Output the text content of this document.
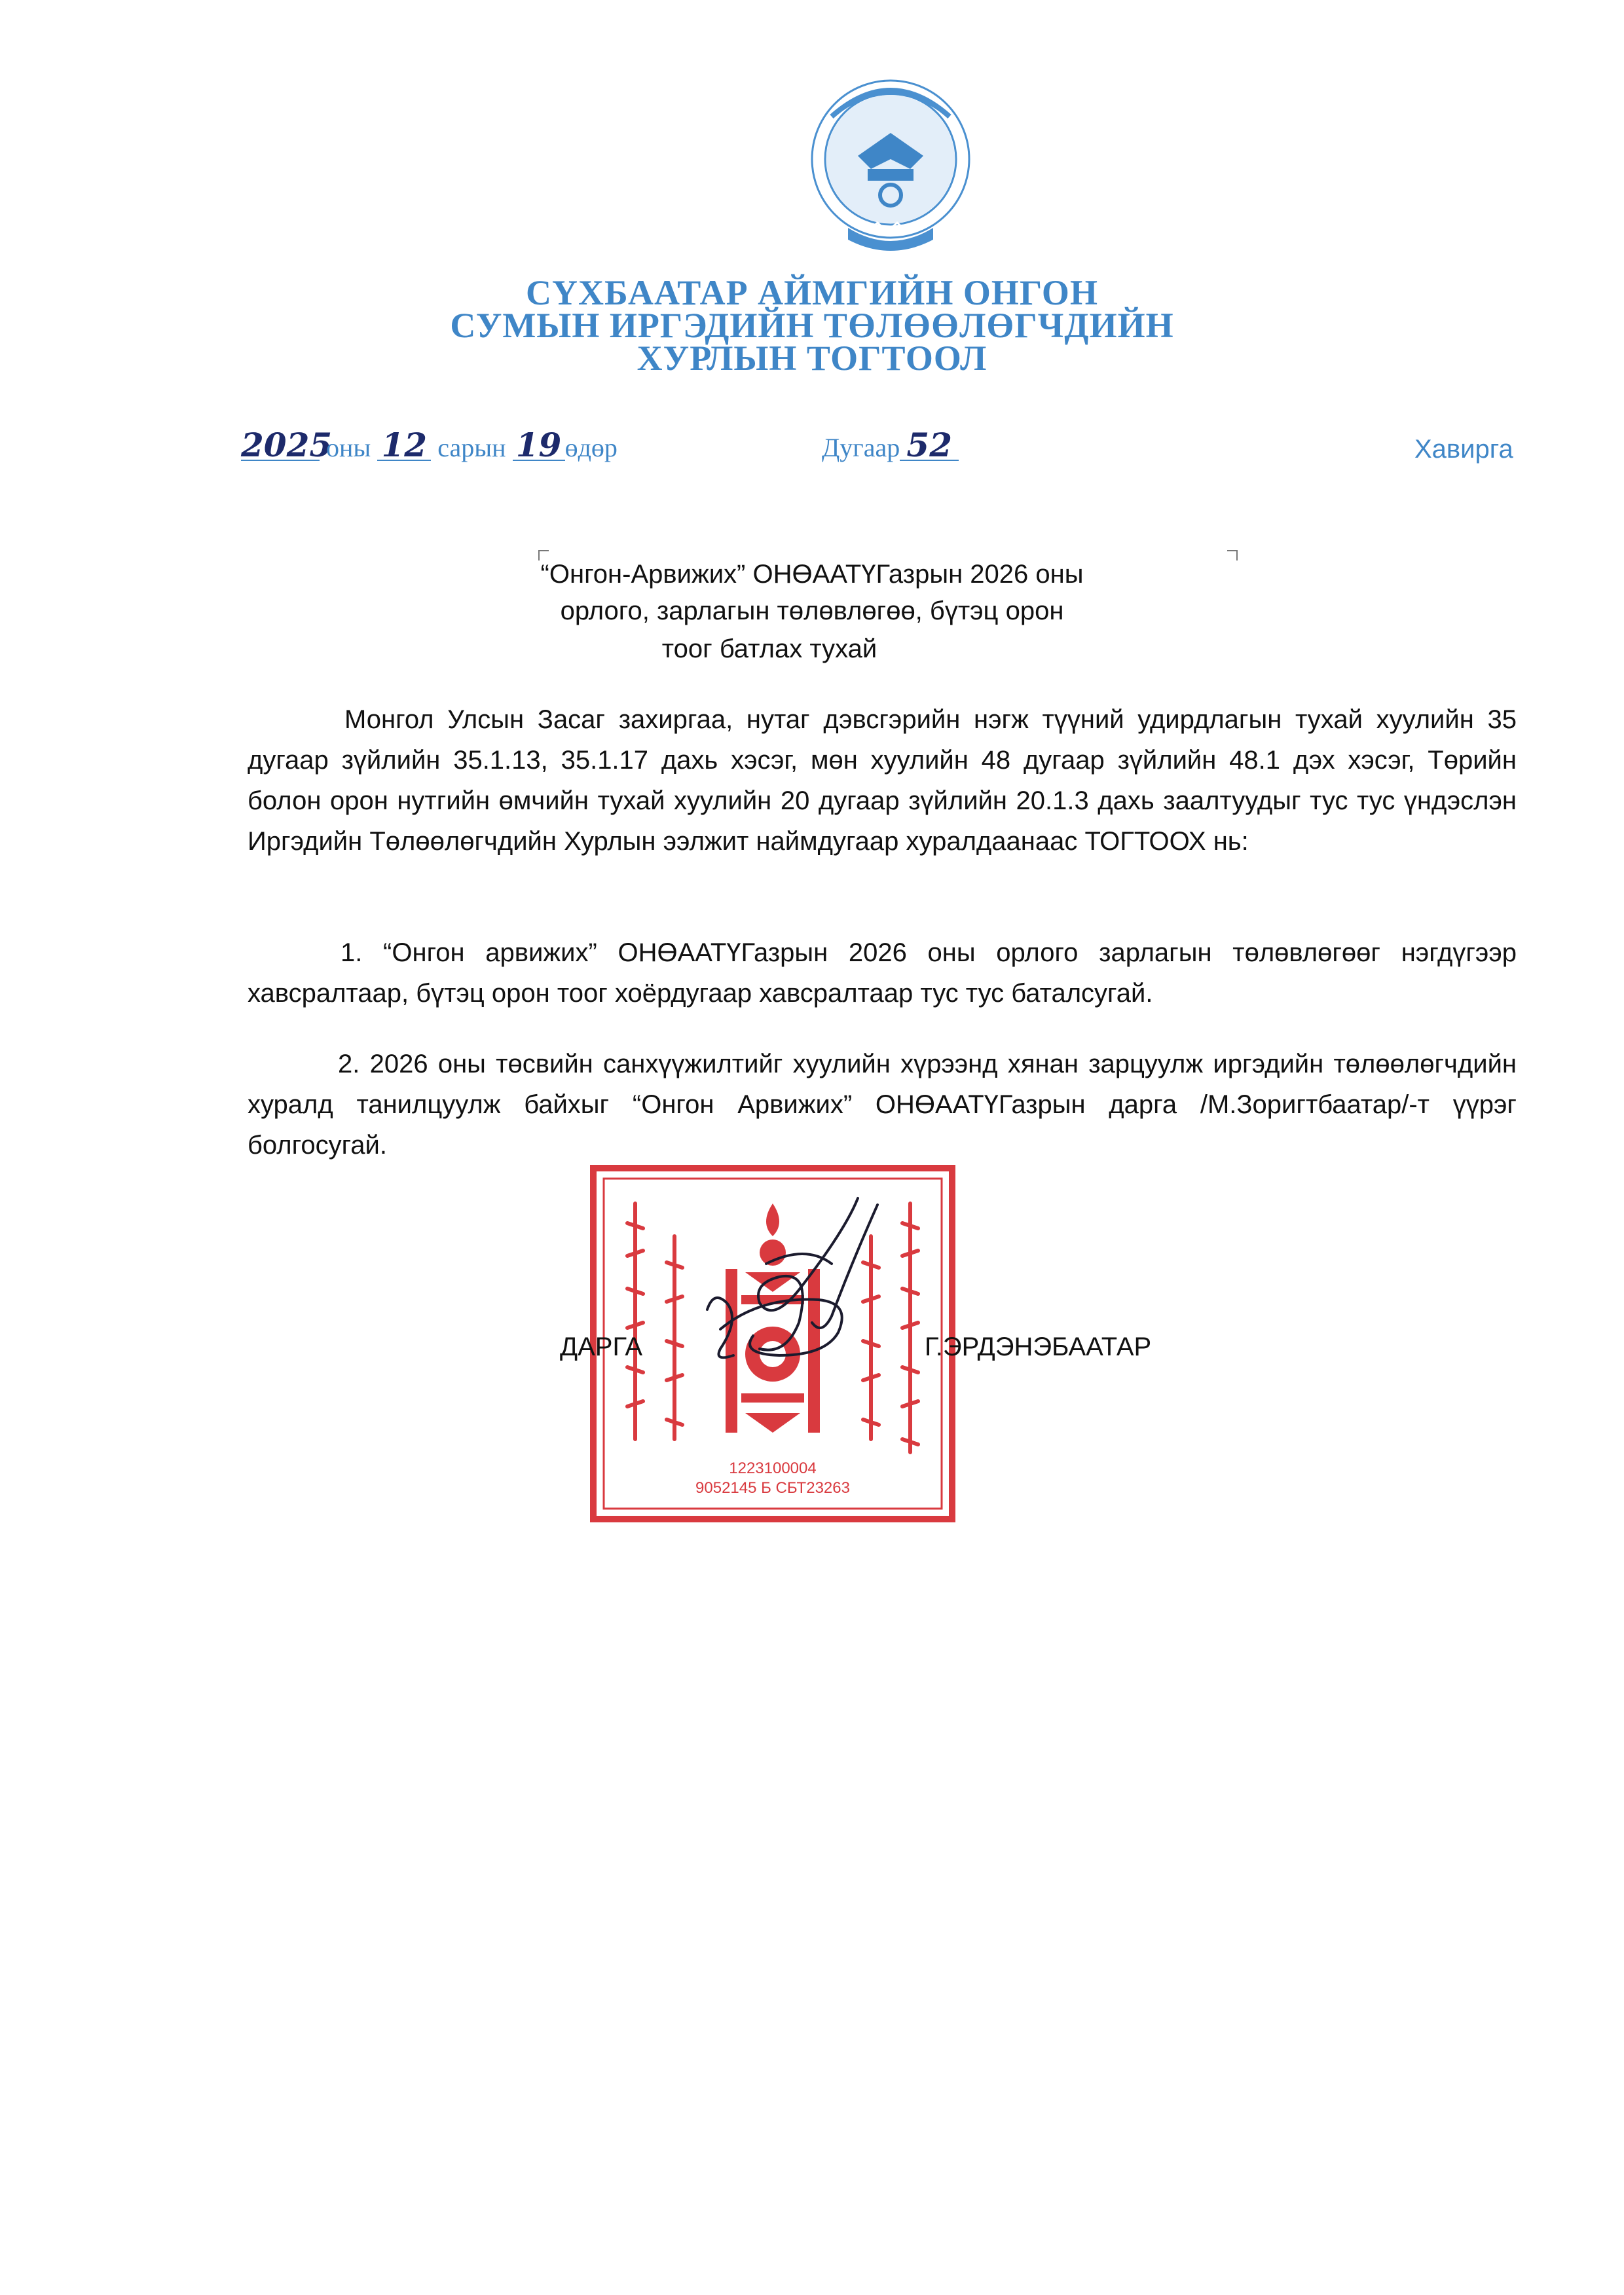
СҮХБААТАР АЙМГИЙН ОНГОН
СУМЫН ИРГЭДИЙН ТӨЛӨӨЛӨГЧДИЙН
ХУРЛЫН ТОГТООЛ
2025 оны 12 сарын 19 өдөр	Дугаар 52	Хавирга
“Онгон-Арвижих” ОНӨААТҮГазрын 2026 оны
орлого, зарлагын төлөвлөгөө, бүтэц орон
тоог батлах тухай
Монгол Улсын Засаг захиргаа, нутаг дэвсгэрийн нэгж түүний удирдлагын тухай хуулийн 35 дугаар зүйлийн 35.1.13, 35.1.17 дахь хэсэг, мөн хуулийн 48 дугаар зүйлийн 48.1 дэх хэсэг, Төрийн болон орон нутгийн өмчийн тухай хуулийн 20 дугаар зүйлийн 20.1.3 дахь заалтуудыг тус тус үндэслэн Иргэдийн Төлөөлөгчдийн Хурлын ээлжит наймдугаар хуралдаанаас ТОГТООХ нь:
1. “Онгон арвижих” ОНӨААТҮГазрын 2026 оны орлого зарлагын төлөвлөгөөг нэгдүгээр хавсралтаар, бүтэц орон тоог хоёрдугаар хавсралтаар тус тус баталсугай.
2. 2026 оны төсвийн санхүүжилтийг хуулийн хүрээнд хянан зарцуулж иргэдийн төлөөлөгчдийн хуралд танилцуулж байхыг “Онгон Арвижих” ОНӨААТҮГазрын дарга /М.Зоригтбаатар/-т үүрэг болгосугай.
1223100004
9052145 Б СБТ23263
ДАРГА	Г.ЭРДЭНЭБААТАР
